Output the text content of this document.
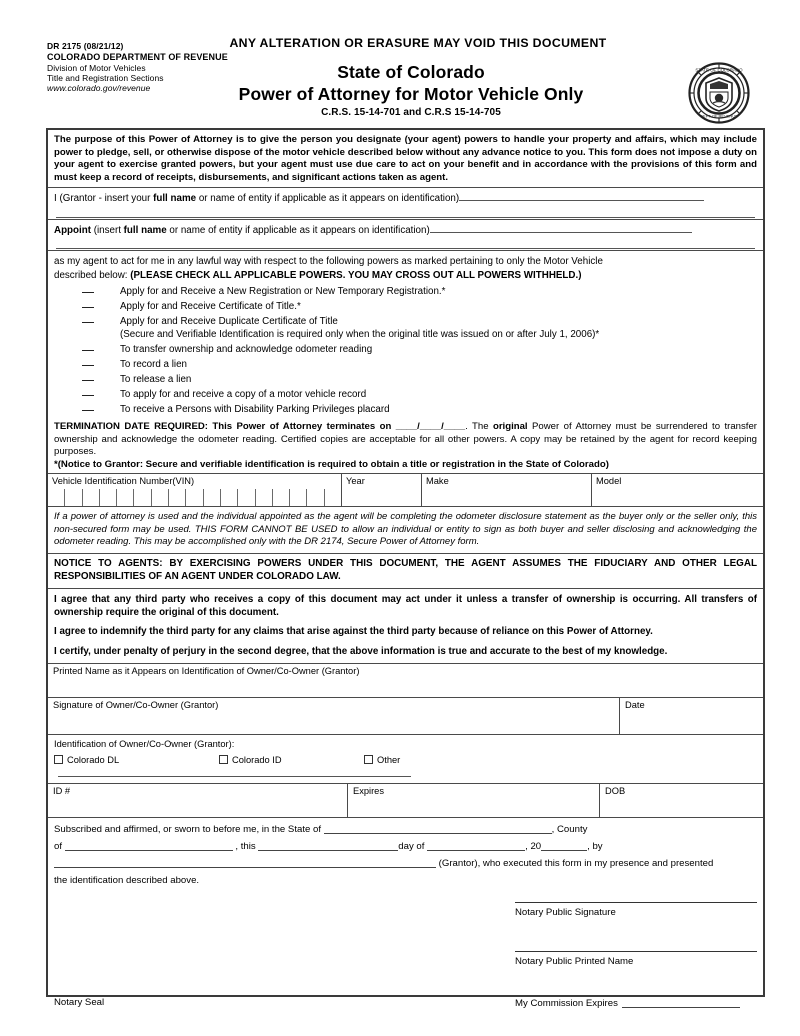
DR 2175 (08/21/12)
COLORADO DEPARTMENT OF REVENUE
Division of Motor Vehicles
Title and Registration Sections
www.colorado.gov/revenue
ANY ALTERATION OR ERASURE MAY VOID THIS DOCUMENT
State of Colorado
Power of Attorney for Motor Vehicle Only
C.R.S. 15-14-701 and C.R.S 15-14-705
STATE OF COLORADO
DEPT OF REVENUE

The purpose of this Power of Attorney is to give the person you designate (your agent) powers to handle your property and affairs, which may include power to pledge, sell, or otherwise dispose of the motor vehicle described below without any advance notice to you. This form does not impose a duty on your agent to exercise granted powers, but your agent must use due care to act on your benefit and in accordance with the provisions of this form and must keep a record of receipts, disbursements, and significant actions taken as agent.

I (Grantor - insert your full name or name of entity if applicable as it appears on identification)

Appoint (insert full name or name of entity if applicable as it appears on identification)

as my agent to act for me in any lawful way with respect to the following powers as marked pertaining to only the Motor Vehicle

described below: (PLEASE CHECK ALL APPLICABLE POWERS. YOU MAY CROSS OUT ALL POWERS WITHHELD.)

Apply for and Receive a New Registration or New Temporary Registration.*
Apply for and Receive Certificate of Title.*
Apply for and Receive Duplicate Certificate of Title
(Secure and Verifiable Identification is required only when the original title was issued on or after July 1, 2006)*
To transfer ownership and acknowledge odometer reading
To record a lien
To release a lien
To apply for and receive a copy of a motor vehicle record
To receive a Persons with Disability Parking Privileges placard

TERMINATION DATE REQUIRED: This Power of Attorney terminates on ____/____/____. The original Power of Attorney must be surrendered to transfer ownership and acknowledge the odometer reading. Certified copies are acceptable for all other powers. A copy may be retained by the agent for record keeping purposes.

*(Notice to Grantor: Secure and verifiable identification is required to obtain a title or registration in the State of Colorado)

Vehicle Identification Number(VIN)	Year	Make	Model

If a power of attorney is used and the individual appointed as the agent will be completing the odometer disclosure statement as the buyer only or the seller only, this non-secured form may be used. THIS FORM CANNOT BE USED to allow an individual or entity to sign as both buyer and seller disclosing and acknowledging the odometer reading. This may be accomplished only with the DR 2174, Secure Power of Attorney form.

NOTICE TO AGENTS: BY EXERCISING POWERS UNDER THIS DOCUMENT, THE AGENT ASSUMES THE FIDUCIARY AND OTHER LEGAL RESPONSIBILITIES OF AN AGENT UNDER COLORADO LAW.

I agree that any third party who receives a copy of this document may act under it unless a transfer of ownership is occurring. All transfers of ownership require the original of this document.

I agree to indemnify the third party for any claims that arise against the third party because of reliance on this Power of Attorney.

I certify, under penalty of perjury in the second degree, that the above information is true and accurate to the best of my knowledge.

Printed Name as it Appears on Identification of Owner/Co-Owner (Grantor)
Signature of Owner/Co-Owner (Grantor)	Date

Identification of Owner/Co-Owner (Grantor):

Colorado DL	Colorado ID	Other

ID #	Expires	DOB
Subscribed and affirmed, or sworn to before me, in the State of	, County
of	, this	day of	, 20	, by
(Grantor), who executed this form in my presence and presented
the identification described above.
Notary Public Signature
Notary Public Printed Name
My Commission Expires
Notary Seal
